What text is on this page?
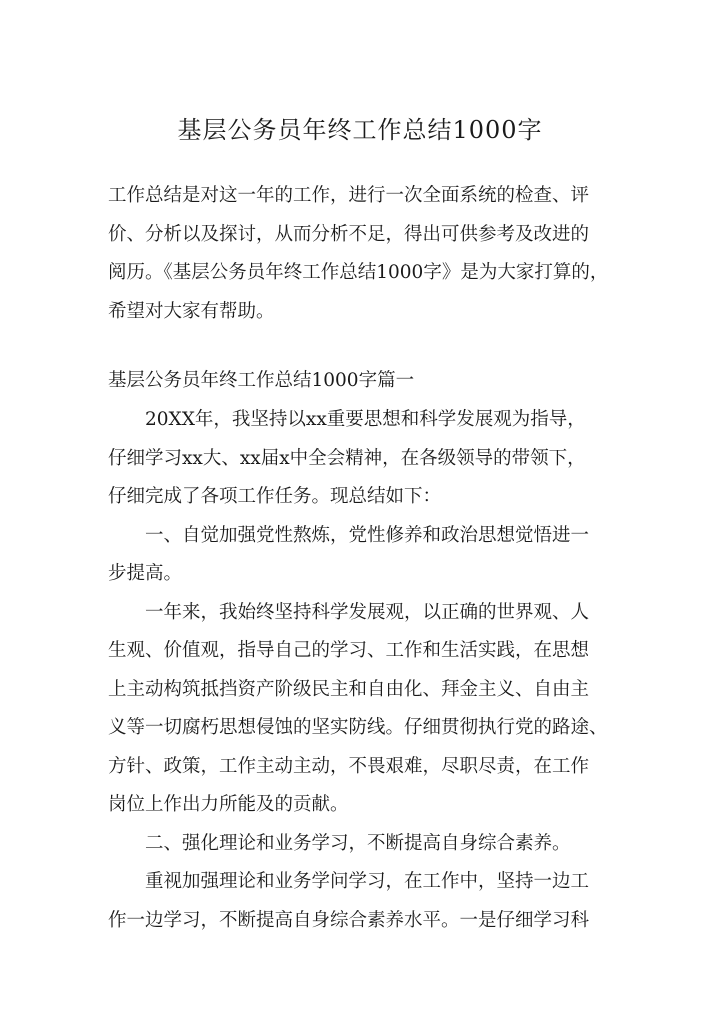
基层公务员年终工作总结1000字
工作总结是对这一年的工作，进行一次全面系统的检查、评
价、分析以及探讨，从而分析不足，得出可供参考及改进的
阅历。《基层公务员年终工作总结1000字》是为大家打算的，
希望对大家有帮助。
基层公务员年终工作总结1000字篇一
20XX年，我坚持以xx重要思想和科学发展观为指导，
仔细学习xx大、xx届x中全会精神，在各级领导的带领下，
仔细完成了各项工作任务。现总结如下：
一、自觉加强党性熬炼，党性修养和政治思想觉悟进一
步提高。
一年来，我始终坚持科学发展观，以正确的世界观、人
生观、价值观，指导自己的学习、工作和生活实践，在思想
上主动构筑抵挡资产阶级民主和自由化、拜金主义、自由主
义等一切腐朽思想侵蚀的坚实防线。仔细贯彻执行党的路途、
方针、政策，工作主动主动，不畏艰难，尽职尽责，在工作
岗位上作出力所能及的贡献。
二、强化理论和业务学习，不断提高自身综合素养。
重视加强理论和业务学问学习，在工作中，坚持一边工
作一边学习，不断提高自身综合素养水平。一是仔细学习科
